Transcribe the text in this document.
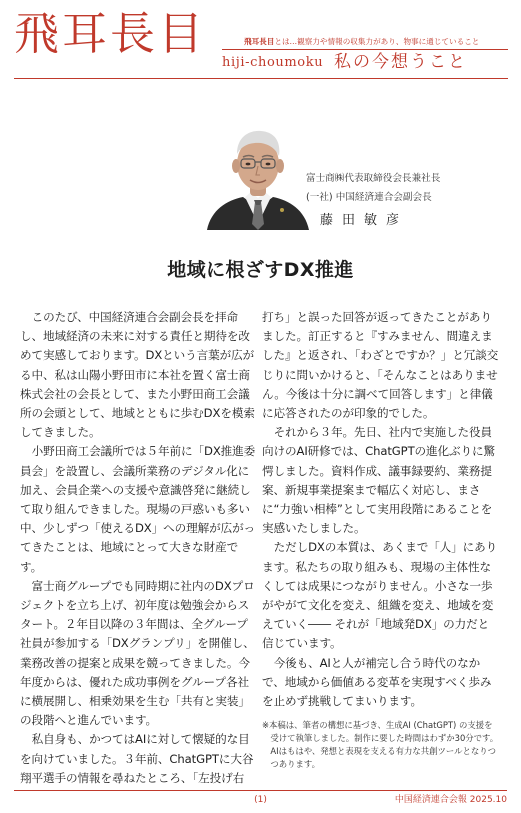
飛耳長目	飛耳長目とは…観察力や情報の収集力があり、物事に通じていること
hiji-choumoku 私の今想うこと
富士商㈱代表取締役会長兼社長
(一社) 中国経済連合会副会長
藤田敏彦
地域に根ざすDX推進

このたび、中国経済連合会副会長を拝命し、地域経済の未来に対する責任と期待を改めて実感しております。DXという言葉が広がる中、私は山陽小野田市に本社を置く富士商株式会社の会長として、また小野田商工会議所の会頭として、地域とともに歩むDXを模索してきました。

小野田商工会議所では５年前に「DX推進委員会」を設置し、会議所業務のデジタル化に加え、会員企業への支援や意識啓発に継続して取り組んできました。現場の戸惑いも多い中、少しずつ「使えるDX」への理解が広がってきたことは、地域にとって大きな財産です。

富士商グループでも同時期に社内のDXプロジェクトを立ち上げ、初年度は勉強会からスタート。２年目以降の３年間は、全グループ社員が参加する「DXグランプリ」を開催し、業務改善の提案と成果を競ってきました。今年度からは、優れた成功事例をグループ各社に横展開し、相乗効果を生む「共有と実装」の段階へと進んでいます。

私自身も、かつてはAIに対して懐疑的な目を向けていました。３年前、ChatGPTに大谷翔平選手の情報を尋ねたところ、「左投げ右

打ち」と誤った回答が返ってきたことがありました。訂正すると『すみません、間違えました』と返され、「わざとですか？」と冗談交じりに問いかけると、「そんなことはありません。今後は十分に調べて回答します」と律儀に応答されたのが印象的でした。

それから３年。先日、社内で実施した役員向けのAI研修では、ChatGPTの進化ぶりに驚愕しました。資料作成、議事録要約、業務提案、新規事業提案まで幅広く対応し、まさに“力強い相棒”として実用段階にあることを実感いたしました。

ただしDXの本質は、あくまで「人」にあります。私たちの取り組みも、現場の主体性なくしては成果につながりません。小さな一歩がやがて文化を変え、組織を変え、地域を変えていく―― それが「地域発DX」の力だと信じています。

今後も、AIと人が補完し合う時代のなかで、地域から価値ある変革を実現すべく歩みを止めず挑戦してまいります。

※本稿は、筆者の構想に基づき、生成AI (ChatGPT) の支援を受けて執筆しました。制作に要した時間はわずか30分です。AIはもはや、発想と表現を支える有力な共創ツールとなりつつあります。

(1)	中国経済連合会報 2025.10
